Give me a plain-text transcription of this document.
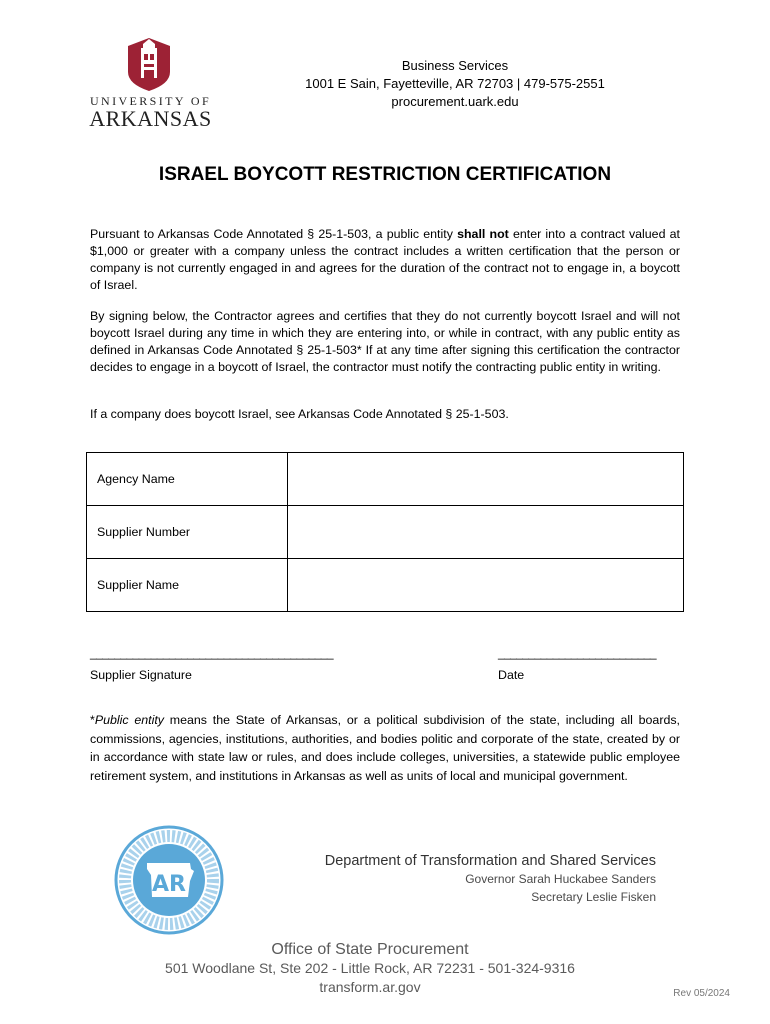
UNIVERSITY OF
ARKANSAS
Business Services
1001 E Sain, Fayetteville, AR 72703 | 479-575-2551
procurement.uark.edu
ISRAEL BOYCOTT RESTRICTION CERTIFICATION
Pursuant to Arkansas Code Annotated § 25-1-503, a public entity shall not enter into a contract valued at $1,000 or greater with a company unless the contract includes a written certification that the person or company is not currently engaged in and agrees for the duration of the contract not to engage in, a boycott of Israel.
By signing below, the Contractor agrees and certifies that they do not currently boycott Israel and will not boycott Israel during any time in which they are entering into, or while in contract, with any public entity as defined in Arkansas Code Annotated § 25-1-503* If at any time after signing this certification the contractor decides to engage in a boycott of Israel, the contractor must notify the contracting public entity in writing.
If a company does boycott Israel, see Arkansas Code Annotated § 25-1-503.
Agency Name	
Supplier Number	
Supplier Name	
________________________________________	__________________________
Supplier Signature	Date
*Public entity means the State of Arkansas, or a political subdivision of the state, including all boards, commissions, agencies, institutions, authorities, and bodies politic and corporate of the state, created by or in accordance with state law or rules, and does include colleges, universities, a statewide public employee retirement system, and institutions in Arkansas as well as units of local and municipal government.
AR
Department of Transformation and Shared Services
Governor Sarah Huckabee Sanders
Secretary Leslie Fisken
Office of State Procurement
501 Woodlane St, Ste 202 - Little Rock, AR 72231 - 501-324-9316
transform.ar.gov	Rev 05/2024
